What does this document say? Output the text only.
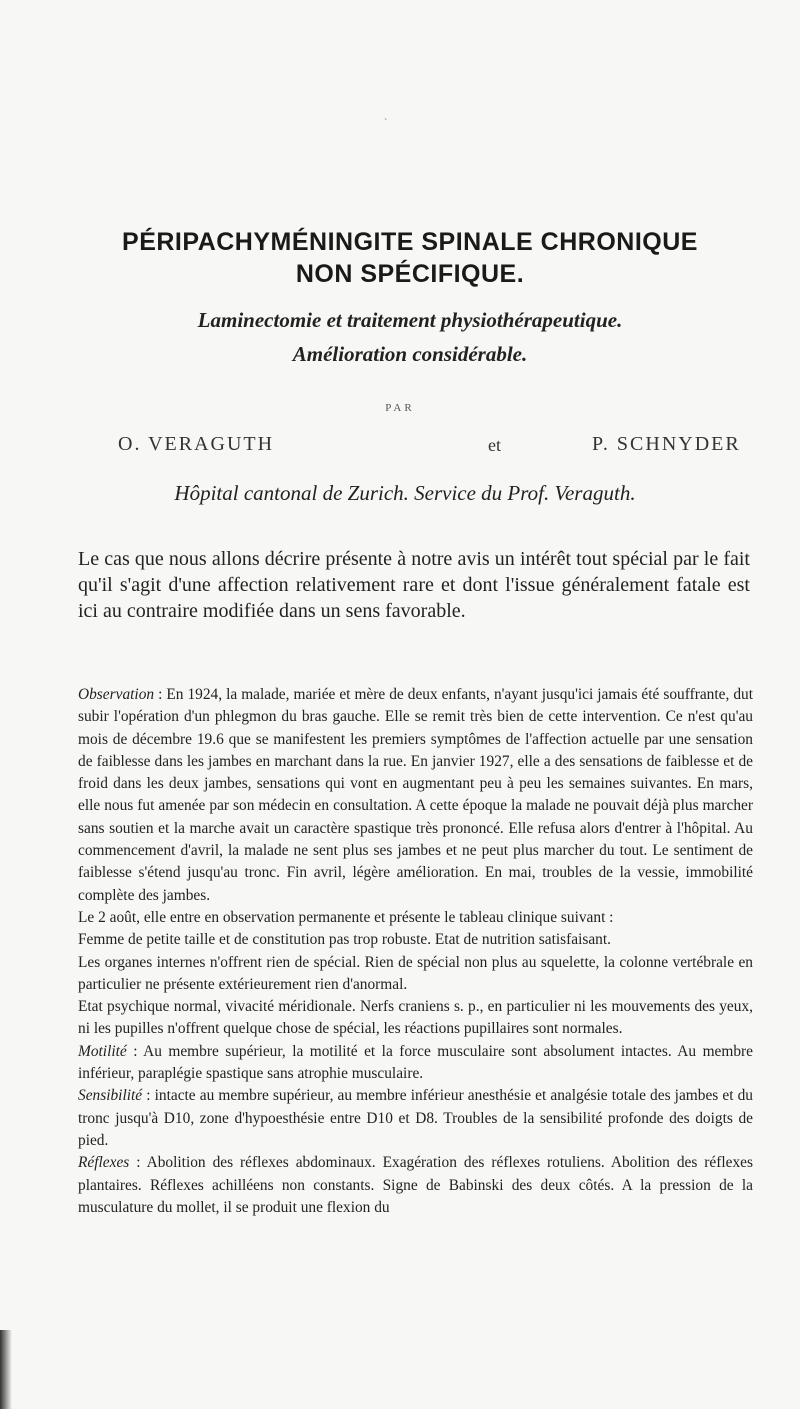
`
PÉRIPACHYMÉNINGITE SPINALE CHRONIQUE
NON SPÉCIFIQUE.
Laminectomie et traitement physiothérapeutique.
Amélioration considérable.
PAR
O. VERAGUTH	et	P. SCHNYDER

Hôpital cantonal de Zurich. Service du Prof. Veraguth.

Le cas que nous allons décrire présente à notre avis un intérêt tout spécial par le fait qu'il s'agit d'une affection relativement rare et dont l'issue généralement fatale est ici au contraire modifiée dans un sens favorable.

Observation : En 1924, la malade, mariée et mère de deux enfants, n'ayant jusqu'ici jamais été souffrante, dut subir l'opération d'un phlegmon du bras gauche. Elle se remit très bien de cette intervention. Ce n'est qu'au mois de décembre 19.6 que se manifestent les premiers symptômes de l'affection actuelle par une sensation de faiblesse dans les jambes en marchant dans la rue. En janvier 1927, elle a des sensations de faiblesse et de froid dans les deux jambes, sensations qui vont en augmentant peu à peu les semaines suivantes. En mars, elle nous fut amenée par son médecin en consultation. A cette époque la malade ne pouvait déjà plus marcher sans soutien et la marche avait un caractère spastique très prononcé. Elle refusa alors d'entrer à l'hôpital. Au commencement d'avril, la malade ne sent plus ses jambes et ne peut plus marcher du tout. Le sentiment de faiblesse s'étend jusqu'au tronc. Fin avril, légère amélioration. En mai, troubles de la vessie, immobilité complète des jambes.

Le 2 août, elle entre en observation permanente et présente le tableau clinique suivant :

Femme de petite taille et de constitution pas trop robuste. Etat de nutrition satisfaisant.

Les organes internes n'offrent rien de spécial. Rien de spécial non plus au squelette, la colonne vertébrale en particulier ne présente extérieurement rien d'anormal.

Etat psychique normal, vivacité méridionale. Nerfs craniens s. p., en particulier ni les mouvements des yeux, ni les pupilles n'offrent quelque chose de spécial, les réactions pupillaires sont normales.

Motilité : Au membre supérieur, la motilité et la force musculaire sont absolument intactes. Au membre inférieur, paraplégie spastique sans atrophie musculaire.

Sensibilité : intacte au membre supérieur, au membre inférieur anesthésie et analgésie totale des jambes et du tronc jusqu'à D10, zone d'hypoesthésie entre D10 et D8. Troubles de la sensibilité profonde des doigts de pied.

Réflexes : Abolition des réflexes abdominaux. Exagération des réflexes rotuliens. Abolition des réflexes plantaires. Réflexes achilléens non constants. Signe de Babinski des deux côtés. A la pression de la musculature du mollet, il se produit une flexion du
